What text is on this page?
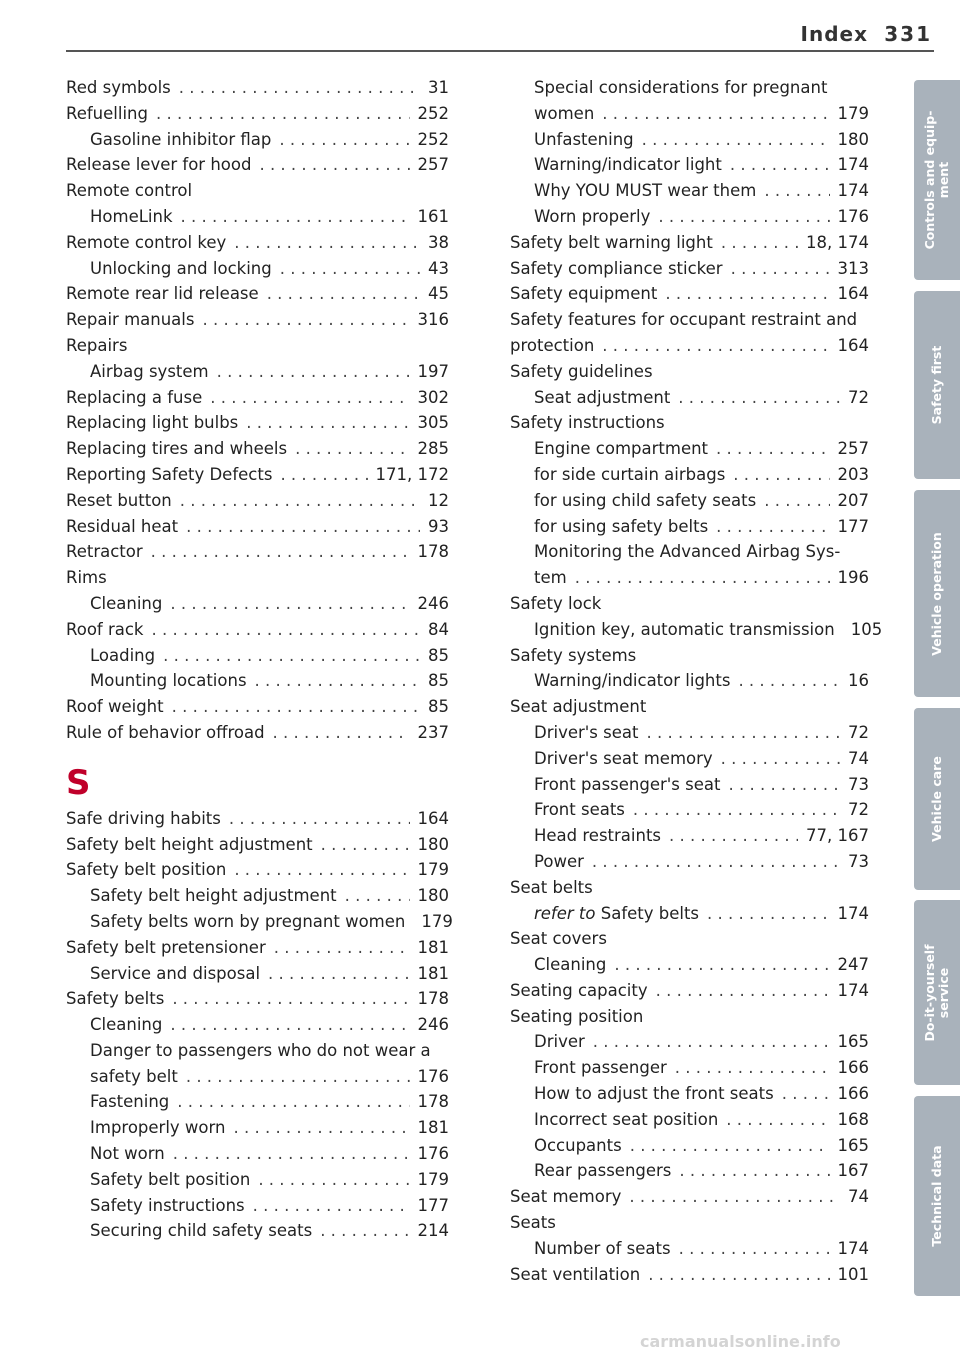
Index 331
Red symbols . . .	31
Refuelling . . .	252
Gasoline inhibitor flap . . .	252
Release lever for hood . . .	257
Remote control
HomeLink . . .	161
Remote control key . . .	38
Unlocking and locking . . .	43
Remote rear lid release . . .	45
Repair manuals . . .	316
Repairs
Airbag system . . .	197
Replacing a fuse . . .	302
Replacing light bulbs . . .	305
Replacing tires and wheels . . .	285
Reporting Safety Defects . . .	171, 172
Reset button . . .	12
Residual heat . . .	93
Retractor . . .	178
Rims
Cleaning . . .	246
Roof rack . . .	84
Loading . . .	85
Mounting locations . . .	85
Roof weight . . .	85
Rule of behavior offroad . . .	237
S
Safe driving habits . . .	164
Safety belt height adjustment . . .	180
Safety belt position . . .	179
Safety belt height adjustment . . .	180
Safety belts worn by pregnant women 179
Safety belt pretensioner . . .	181
Service and disposal . . .	181
Safety belts . . .	178
Cleaning . . .	246
Danger to passengers who do not wear a
safety belt . . .	176
Fastening . . .	178
Improperly worn . . .	181
Not worn . . .	176
Safety belt position . . .	179
Safety instructions . . .	177
Securing child safety seats . . .	214
Special considerations for pregnant
women . . .	179
Unfastening . . .	180
Warning/indicator light . . .	174
Why YOU MUST wear them . . .	174
Worn properly . . .	176
Safety belt warning light . . .	18, 174
Safety compliance sticker . . .	313
Safety equipment . . .	164
Safety features for occupant restraint and
protection . . .	164
Safety guidelines
Seat adjustment . . .	72
Safety instructions
Engine compartment . . .	257
for side curtain airbags . . .	203
for using child safety seats . . .	207
for using safety belts . . .	177
Monitoring the Advanced Airbag Sys-
tem . . .	196
Safety lock
Ignition key, automatic transmission 105
Safety systems
Warning/indicator lights . . .	16
Seat adjustment
Driver's seat . . .	72
Driver's seat memory . . .	74
Front passenger's seat . . .	73
Front seats . . .	72
Head restraints . . .	77, 167
Power . . .	73
Seat belts
refer to Safety belts . . .	174
Seat covers
Cleaning . . .	247
Seating capacity . . .	174
Seating position
Driver . . .	165
Front passenger . . .	166
How to adjust the front seats . . .	166
Incorrect seat position . . .	168
Occupants . . .	165
Rear passengers . . .	167
Seat memory . . .	74
Seats
Number of seats . . .	174
Seat ventilation . . .	101
Controls and equip-
ment
Safety first
Vehicle operation
Vehicle care
Do-it-yourself
service
Technical data
carmanualsonline.info
